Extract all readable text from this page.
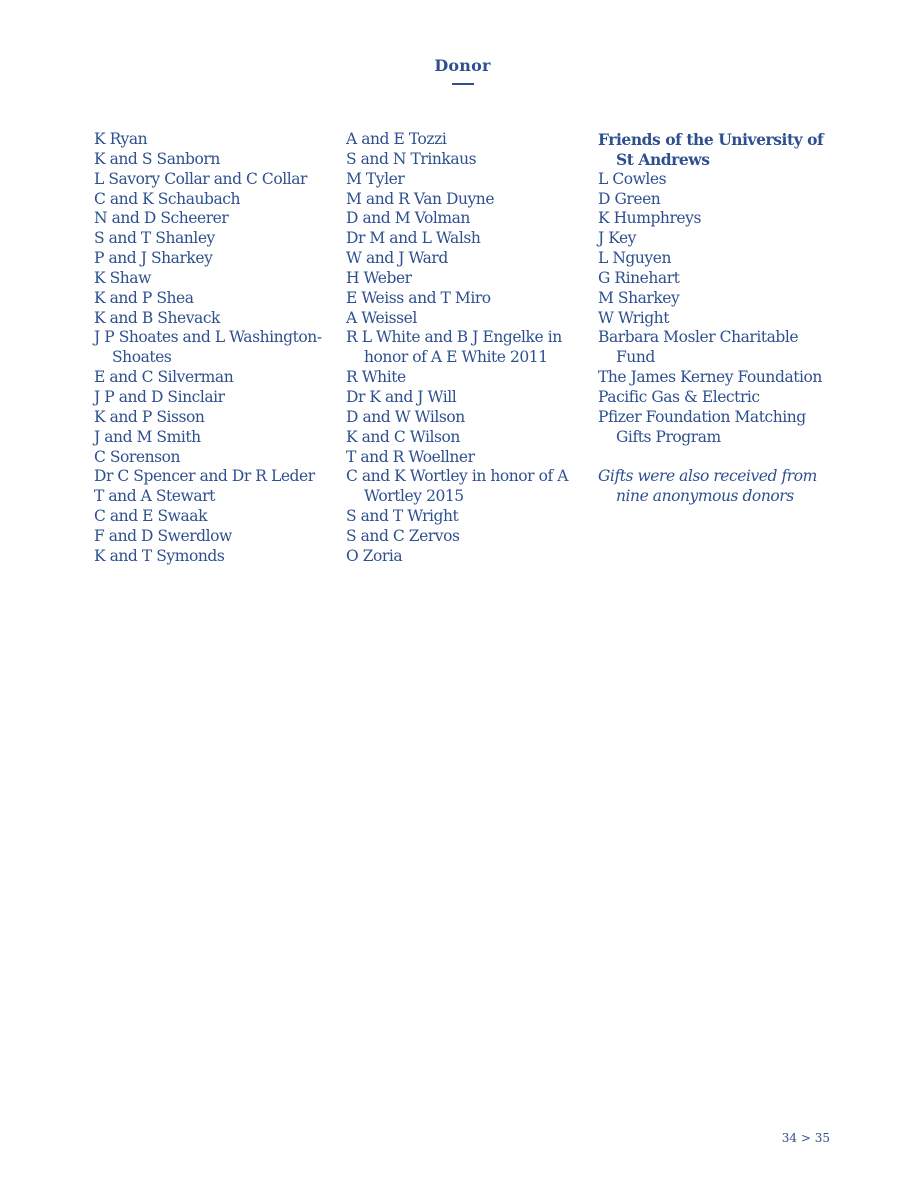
Donor

K Ryan

K and S Sanborn

L Savory Collar and C Collar

C and K Schaubach

N and D Scheerer

S and T Shanley

P and J Sharkey

K Shaw

K and P Shea

K and B Shevack

J P Shoates and L Washington-Shoates

E and C Silverman

J P and D Sinclair

K and P Sisson

J and M Smith

C Sorenson

Dr C Spencer and Dr R Leder

T and A Stewart

C and E Swaak

F and D Swerdlow

K and T Symonds

A and E Tozzi

S and N Trinkaus

M Tyler

M and R Van Duyne

D and M Volman

Dr M and L Walsh

W and J Ward

H Weber

E Weiss and T Miro

A Weissel

R L White and B J Engelke in honor of A E White 2011

R White

Dr K and J Will

D and W Wilson

K and C Wilson

T and R Woellner

C and K Wortley in honor of A Wortley 2015

S and T Wright

S and C Zervos

O Zoria

Friends of the University of St Andrews

L Cowles

D Green

K Humphreys

J Key

L Nguyen

G Rinehart

M Sharkey

W Wright

Barbara Mosler Charitable Fund

The James Kerney Foundation

Pacific Gas & Electric

Pfizer Foundation Matching Gifts Program

Gifts were also received from nine anonymous donors

34 > 35
